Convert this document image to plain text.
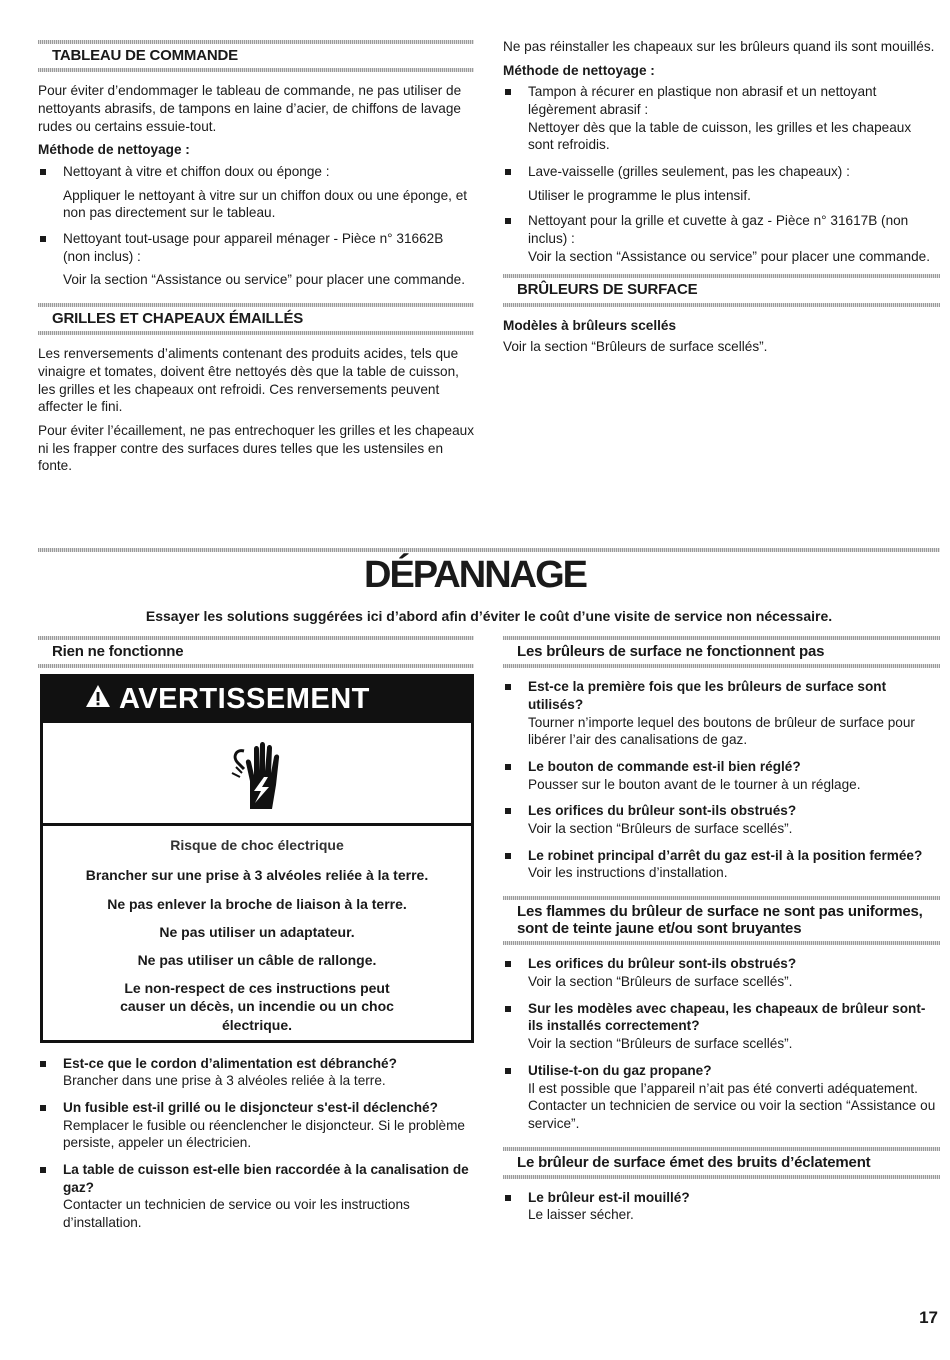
TABLEAU DE COMMANDE

Pour éviter d’endommager le tableau de commande, ne pas utiliser de nettoyants abrasifs, de tampons en laine d’acier, de chiffons de lavage rudes ou certains essuie-tout.

Méthode de nettoyage :
Nettoyant à vitre et chiffon doux ou éponge :
Appliquer le nettoyant à vitre sur un chiffon doux ou une éponge, et non pas directement sur le tableau.
Nettoyant tout-usage pour appareil ménager - Pièce n° 31662B (non inclus) :
Voir la section “Assistance ou service” pour placer une commande.
GRILLES ET CHAPEAUX ÉMAILLÉS

Les renversements d’aliments contenant des produits acides, tels que vinaigre et tomates, doivent être nettoyés dès que la table de cuisson, les grilles et les chapeaux ont refroidi. Ces renversements peuvent affecter le fini.

Pour éviter l’écaillement, ne pas entrechoquer les grilles et les chapeaux ni les frapper contre des surfaces dures telles que les ustensiles en fonte.

Ne pas réinstaller les chapeaux sur les brûleurs quand ils sont mouillés.

Méthode de nettoyage :
Tampon à récurer en plastique non abrasif et un nettoyant légèrement abrasif :
Nettoyer dès que la table de cuisson, les grilles et les chapeaux sont refroidis.
Lave-vaisselle (grilles seulement, pas les chapeaux) :
Utiliser le programme le plus intensif.
Nettoyant pour la grille et cuvette à gaz - Pièce n° 31617B (non inclus) :
Voir la section “Assistance ou service” pour placer une commande.
BRÛLEURS DE SURFACE
Modèles à brûleurs scellés

Voir la section “Brûleurs de surface scellés”.

DÉPANNAGE
Essayer les solutions suggérées ici d’abord afin d’éviter le coût d’une visite de service non nécessaire.
Rien ne fonctionne
AVERTISSEMENT
Risque de choc électrique
Brancher sur une prise à 3 alvéoles reliée à la terre.
Ne pas enlever la broche de liaison à la terre.
Ne pas utiliser un adaptateur.
Ne pas utiliser un câble de rallonge.
Le non-respect de ces instructions peut causer un décès, un incendie ou un choc électrique.
Est-ce que le cordon d’alimentation est débranché?
Brancher dans une prise à 3 alvéoles reliée à la terre.
Un fusible est-il grillé ou le disjoncteur s'est-il déclenché?
Remplacer le fusible ou réenclencher le disjoncteur. Si le problème persiste, appeler un électricien.
La table de cuisson est-elle bien raccordée à la canalisation de gaz?
Contacter un technicien de service ou voir les instructions d’installation.
Les brûleurs de surface ne fonctionnent pas
Est-ce la première fois que les brûleurs de surface sont utilisés?
Tourner n’importe lequel des boutons de brûleur de surface pour libérer l’air des canalisations de gaz.
Le bouton de commande est-il bien réglé?
Pousser sur le bouton avant de le tourner à un réglage.
Les orifices du brûleur sont-ils obstrués?
Voir la section “Brûleurs de surface scellés”.
Le robinet principal d’arrêt du gaz est-il à la position fermée?
Voir les instructions d’installation.
Les flammes du brûleur de surface ne sont pas uniformes, sont de teinte jaune et/ou sont bruyantes
Les orifices du brûleur sont-ils obstrués?
Voir la section “Brûleurs de surface scellés”.
Sur les modèles avec chapeau, les chapeaux de brûleur sont-ils installés correctement?
Voir la section “Brûleurs de surface scellés”.
Utilise-t-on du gaz propane?
Il est possible que l’appareil n’ait pas été converti adéquatement. Contacter un technicien de service ou voir la section “Assistance ou service”.
Le brûleur de surface émet des bruits d’éclatement
Le brûleur est-il mouillé?
Le laisser sécher.
17
